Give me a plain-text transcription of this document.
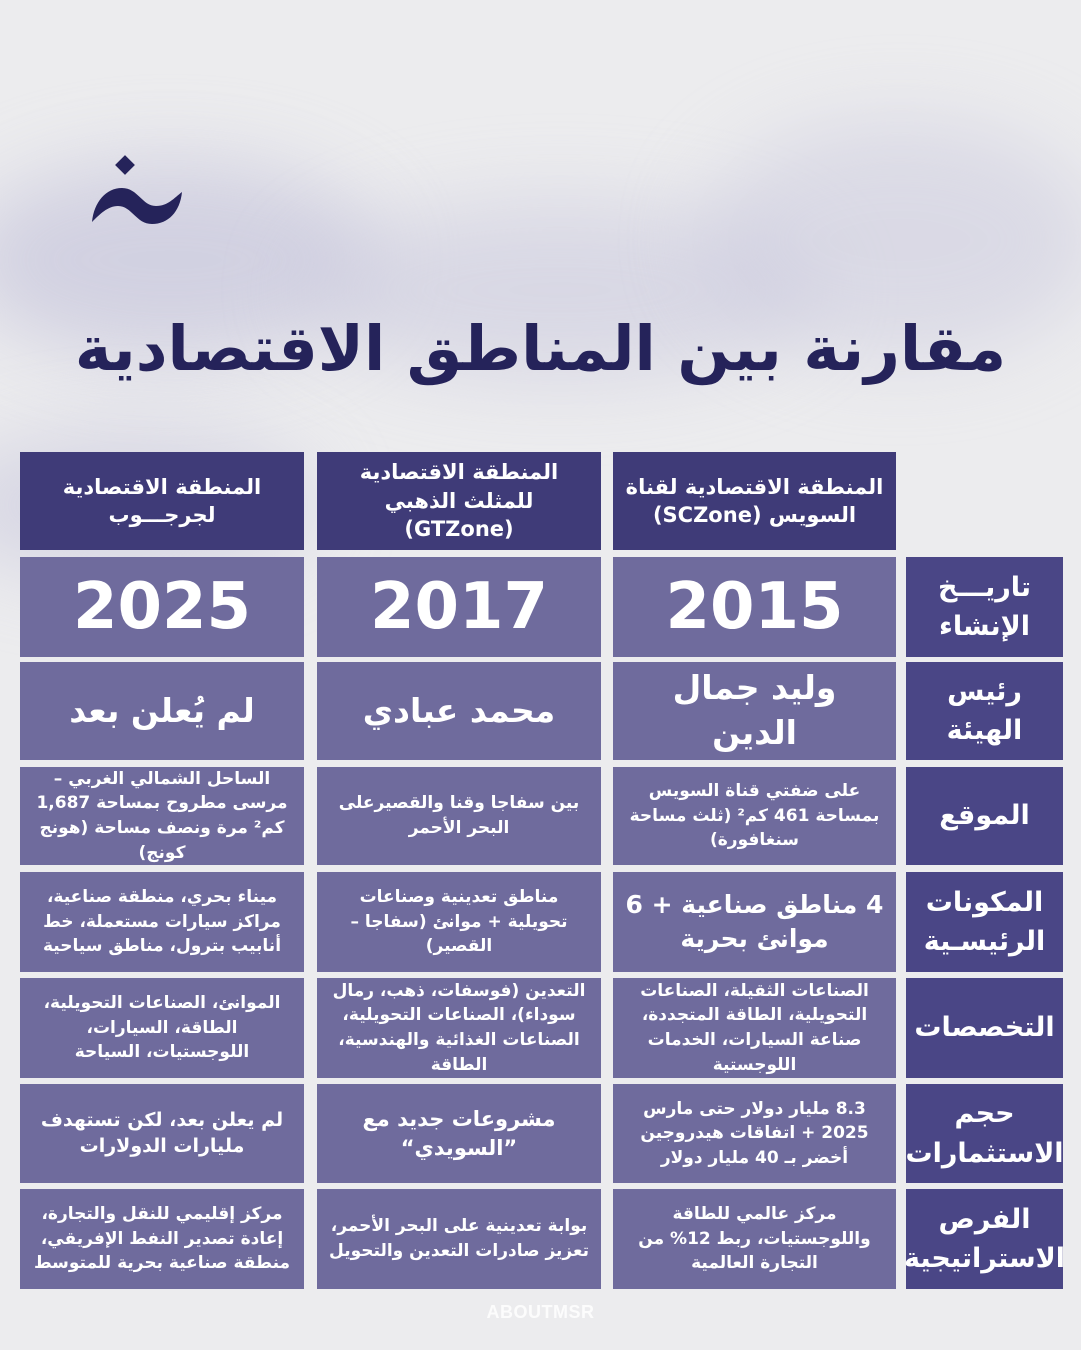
مقارنة بين المناطق الاقتصادية
المنطقة الاقتصادية لقناة السويس (SCZone)
المنطقة الاقتصادية للمثلث الذهبي (GTZone)
المنطقة الاقتصادية لجرجـــوب
تاريـــخ الإنشاء
2015
2017
2025
رئيس الهيئة
وليد جمال الدين
محمد عبادي
لم يُعلن بعد
الموقع
على ضفتي قناة السويس بمساحة 461 كم² (ثلث مساحة سنغافورة)
بين سفاجا وقنا والقصيرعلى البحر الأحمر
الساحل الشمالي الغربي – مرسى مطروح بمساحة 1,687 كم² مرة ونصف مساحة (هونج كونج)
المكونات الرئيسـية
4 مناطق صناعية + 6 موانئ بحرية
مناطق تعدينية وصناعات تحويلية + موانئ (سفاجا – القصير)
ميناء بحري، منطقة صناعية، مراكز سيارات مستعملة، خط أنابيب بترول، مناطق سياحية
التخصصات
الصناعات الثقيلة، الصناعات التحويلية، الطاقة المتجددة، صناعة السيارات، الخدمات اللوجستية
التعدين (فوسفات، ذهب، رمال سوداء)، الصناعات التحويلية، الصناعات الغذائية والهندسية، الطاقة
الموانئ، الصناعات التحويلية، الطاقة، السيارات، اللوجستيات، السياحة
حجم الاستثمارات
8.3 مليار دولار حتى مارس 2025 + اتفاقات هيدروجين أخضر بـ 40 مليار دولار
مشروعات جديد مع ”السويدي“
لم يعلن بعد، لكن تستهدف مليارات الدولارات
الفرص الاستراتيجية
مركز عالمي للطاقة واللوجستيات، ربط 12% من التجارة العالمية
بوابة تعدينية على البحر الأحمر، تعزيز صادرات التعدين والتحويل
مركز إقليمي للنقل والتجارة، إعادة تصدير النفط الإفريقي، منطقة صناعية بحرية للمتوسط
ABOUTMSR
